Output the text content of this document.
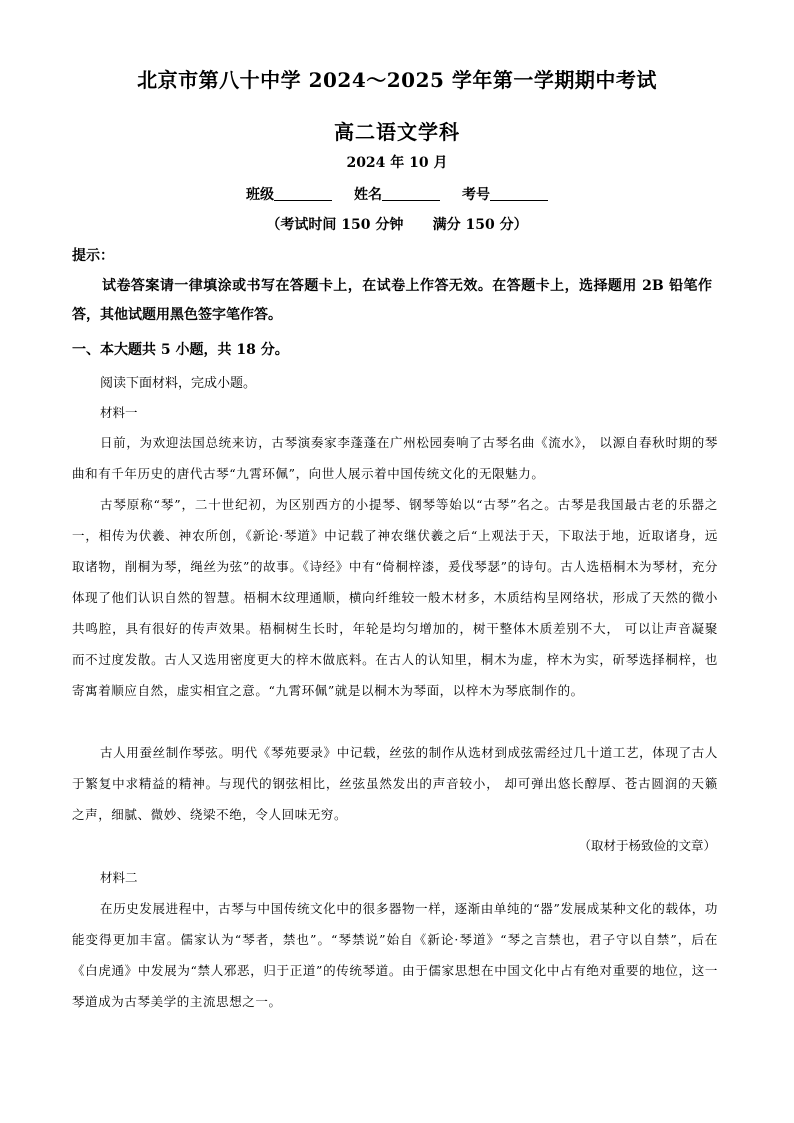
北京市第八十中学 2024～2025 学年第一学期期中考试
高二语文学科
2024 年 10 月
班级	姓名	考号
（考试时间 150 分钟      满分 150 分）
提示：
试卷答案请一律填涂或书写在答题卡上，在试卷上作答无效。在答题卡上，选择题用 2B 铅笔作答，其他试题用黑色签字笔作答。
一、本大题共 5 小题，共 18 分。
阅读下面材料，完成小题。
材料一
日前，为欢迎法国总统来访，古琴演奏家李蓬蓬在广州松园奏响了古琴名曲《流水》， 以源自春秋时期的琴曲和有千年历史的唐代古琴“九霄环佩”，向世人展示着中国传统文化的无限魅力。
古琴原称“琴”，二十世纪初，为区别西方的小提琴、钢琴等始以“古琴”名之。古琴是我国最古老的乐器之一，相传为伏羲、神农所创，《新论·琴道》中记载了神农继伏羲之后“上观法于天，下取法于地，近取诸身，远取诸物，削桐为琴，绳丝为弦”的故事。《诗经》中有“倚桐梓漆，爰伐琴瑟”的诗句。古人选梧桐木为琴材，充分体现了他们认识自然的智慧。梧桐木纹理通顺，横向纤维较一般木材多，木质结构呈网络状，形成了天然的微小共鸣腔，具有很好的传声效果。梧桐树生长时，年轮是均匀增加的，树干整体木质差别不大， 可以让声音凝聚而不过度发散。古人又选用密度更大的梓木做底料。在古人的认知里，桐木为虚，梓木为实，斫琴选择桐梓，也寄寓着顺应自然，虚实相宜之意。“九霄环佩”就是以桐木为琴面，以梓木为琴底制作的。
古人用蚕丝制作琴弦。明代《琴苑要录》中记载，丝弦的制作从选材到成弦需经过几十道工艺，体现了古人于繁复中求精益的精神。与现代的钢弦相比，丝弦虽然发出的声音较小， 却可弹出悠长醇厚、苍古圆润的天籁之声，细腻、微妙、绕梁不绝，令人回味无穷。
（取材于杨致俭的文章）
材料二
在历史发展进程中，古琴与中国传统文化中的很多器物一样，逐渐由单纯的“器”发展成某种文化的载体，功能变得更加丰富。儒家认为“琴者，禁也”。“琴禁说”始自《新论·琴道》“琴之言禁也，君子守以自禁”，后在《白虎通》中发展为“禁人邪恶，归于正道”的传统琴道。由于儒家思想在中国文化中占有绝对重要的地位，这一琴道成为古琴美学的主流思想之一。
